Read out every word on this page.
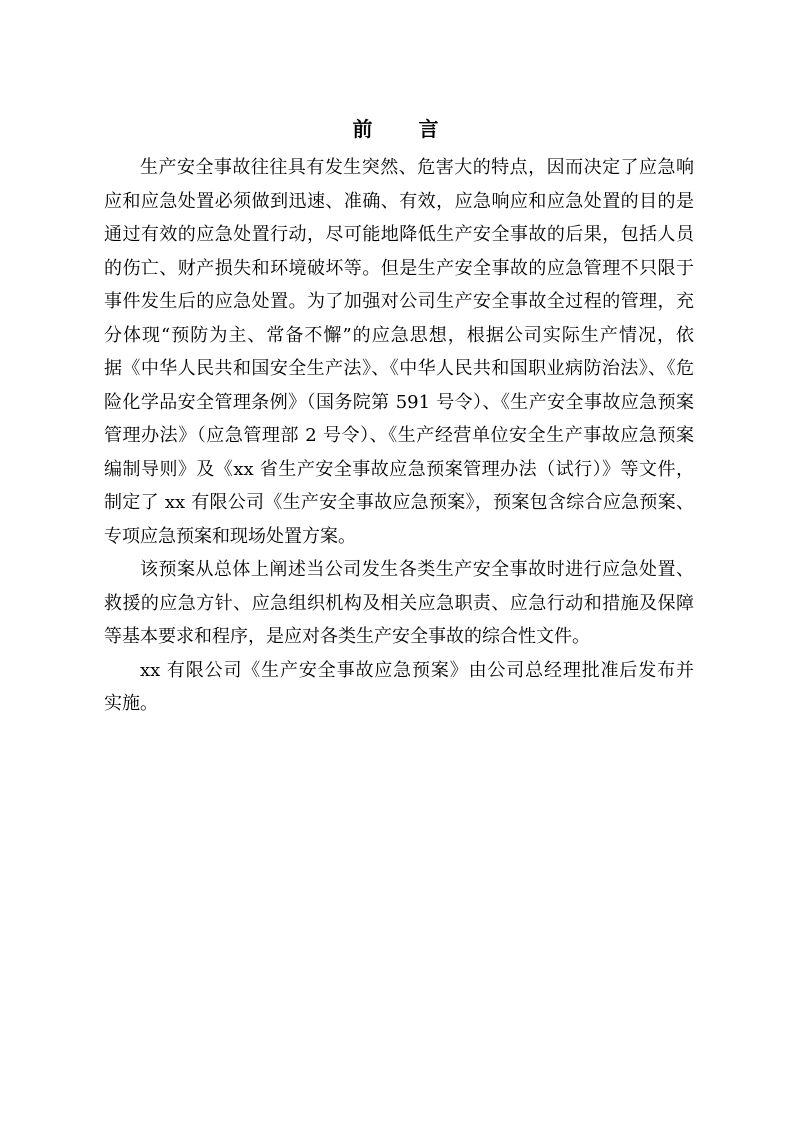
前　　言

生产安全事故往往具有发生突然、危害大的特点，因而决定了应急响
应和应急处置必须做到迅速、准确、有效，应急响应和应急处置的目的是
通过有效的应急处置行动，尽可能地降低生产安全事故的后果，包括人员
的伤亡、财产损失和环境破坏等。但是生产安全事故的应急管理不只限于
事件发生后的应急处置。为了加强对公司生产安全事故全过程的管理，充
分体现“预防为主、常备不懈”的应急思想，根据公司实际生产情况，依
据《中华人民共和国安全生产法》、《中华人民共和国职业病防治法》、《危
险化学品安全管理条例》（国务院第 591 号令）、《生产安全事故应急预案
管理办法》（应急管理部 2 号令）、《生产经营单位安全生产事故应急预案
编制导则》及《xx 省生产安全事故应急预案管理办法（试行）》等文件，
制定了 xx 有限公司《生产安全事故应急预案》，预案包含综合应急预案、
专项应急预案和现场处置方案。

该预案从总体上阐述当公司发生各类生产安全事故时进行应急处置、
救援的应急方针、应急组织机构及相关应急职责、应急行动和措施及保障
等基本要求和程序，是应对各类生产安全事故的综合性文件。

xx 有限公司《生产安全事故应急预案》由公司总经理批准后发布并
实施。
